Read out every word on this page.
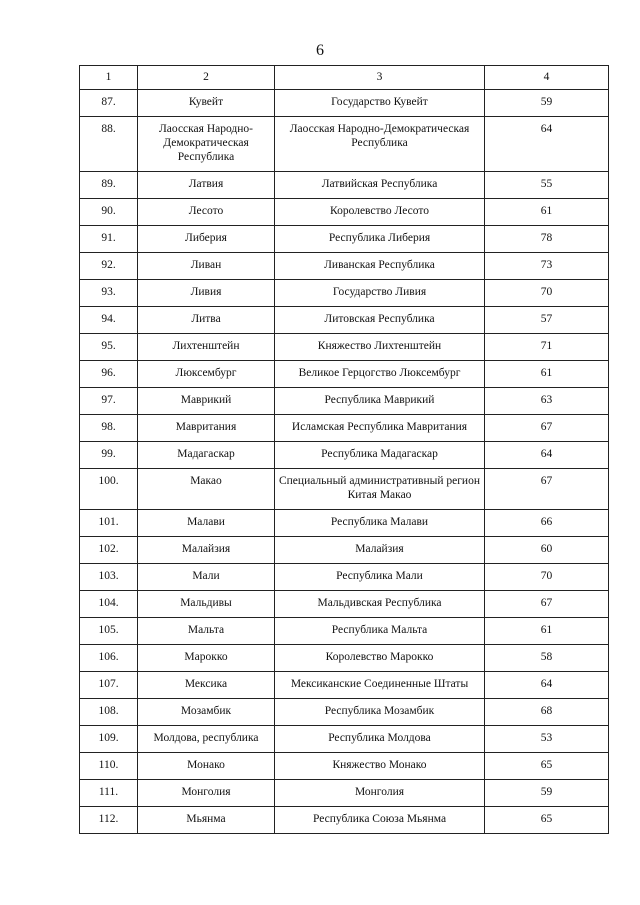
6
1	2	3	4
87.	Кувейт	Государство Кувейт	59
88.	Лаосская Народно-Демократическая Республика	Лаосская Народно-Демократическая Республика	64
89.	Латвия	Латвийская Республика	55
90.	Лесото	Королевство Лесото	61
91.	Либерия	Республика Либерия	78
92.	Ливан	Ливанская Республика	73
93.	Ливия	Государство Ливия	70
94.	Литва	Литовская Республика	57
95.	Лихтенштейн	Княжество Лихтенштейн	71
96.	Люксембург	Великое Герцогство Люксембург	61
97.	Маврикий	Республика Маврикий	63
98.	Мавритания	Исламская Республика Мавритания	67
99.	Мадагаскар	Республика Мадагаскар	64
100.	Макао	Специальный административный регион Китая Макао	67
101.	Малави	Республика Малави	66
102.	Малайзия	Малайзия	60
103.	Мали	Республика Мали	70
104.	Мальдивы	Мальдивская Республика	67
105.	Мальта	Республика Мальта	61
106.	Марокко	Королевство Марокко	58
107.	Мексика	Мексиканские Соединенные Штаты	64
108.	Мозамбик	Республика Мозамбик	68
109.	Молдова, республика	Республика Молдова	53
110.	Монако	Княжество Монако	65
111.	Монголия	Монголия	59
112.	Мьянма	Республика Союза Мьянма	65
